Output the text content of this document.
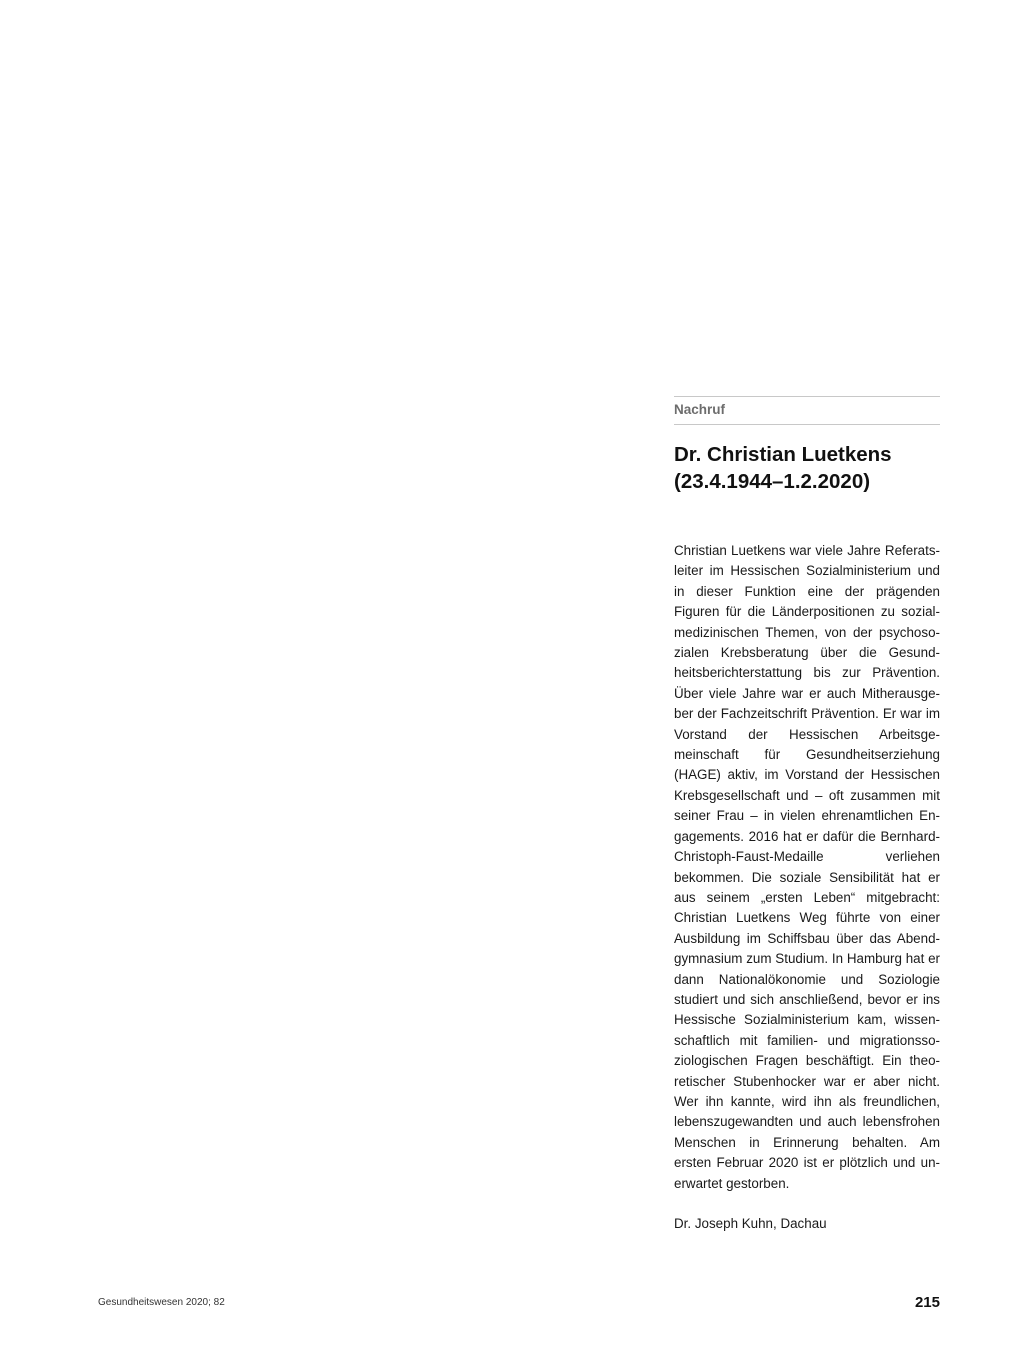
Nachruf
Dr. Christian Luetkens
(23.4.1944–1.2.2020)

Christian Luetkens war viele Jahre Referatsleiter im Hessischen Sozialministerium und in dieser Funktion eine der prägenden Figuren für die Länderpositionen zu sozialmedizinischen Themen, von der psychosozialen Krebsberatung über die Gesundheitsberichterstattung bis zur Prävention. Über viele Jahre war er auch Mitherausgeber der Fachzeitschrift Prävention. Er war im Vorstand der Hessischen Arbeitsgemeinschaft für Gesundheitserziehung (HAGE) aktiv, im Vorstand der Hessischen Krebsgesellschaft und – oft zusammen mit seiner Frau – in vielen ehrenamtlichen Engagements. 2016 hat er dafür die Bernhard-Christoph-Faust-Medaille verliehen bekommen. Die soziale Sensibilität hat er aus seinem „ersten Leben“ mitgebracht: Christian Luetkens Weg führte von einer Ausbildung im Schiffsbau über das Abendgymnasium zum Studium. In Hamburg hat er dann Nationalökonomie und Soziologie studiert und sich anschließend, bevor er ins Hessische Sozialministerium kam, wissenschaftlich mit familien- und migrationssoziologischen Fragen beschäftigt. Ein theoretischer Stubenhocker war er aber nicht. Wer ihn kannte, wird ihn als freundlichen, lebenszugewandten und auch lebensfrohen Menschen in Erinnerung behalten. Am ersten Februar 2020 ist er plötzlich und unerwartet gestorben.

Dr. Joseph Kuhn, Dachau

Gesundheitswesen 2020; 82	215
